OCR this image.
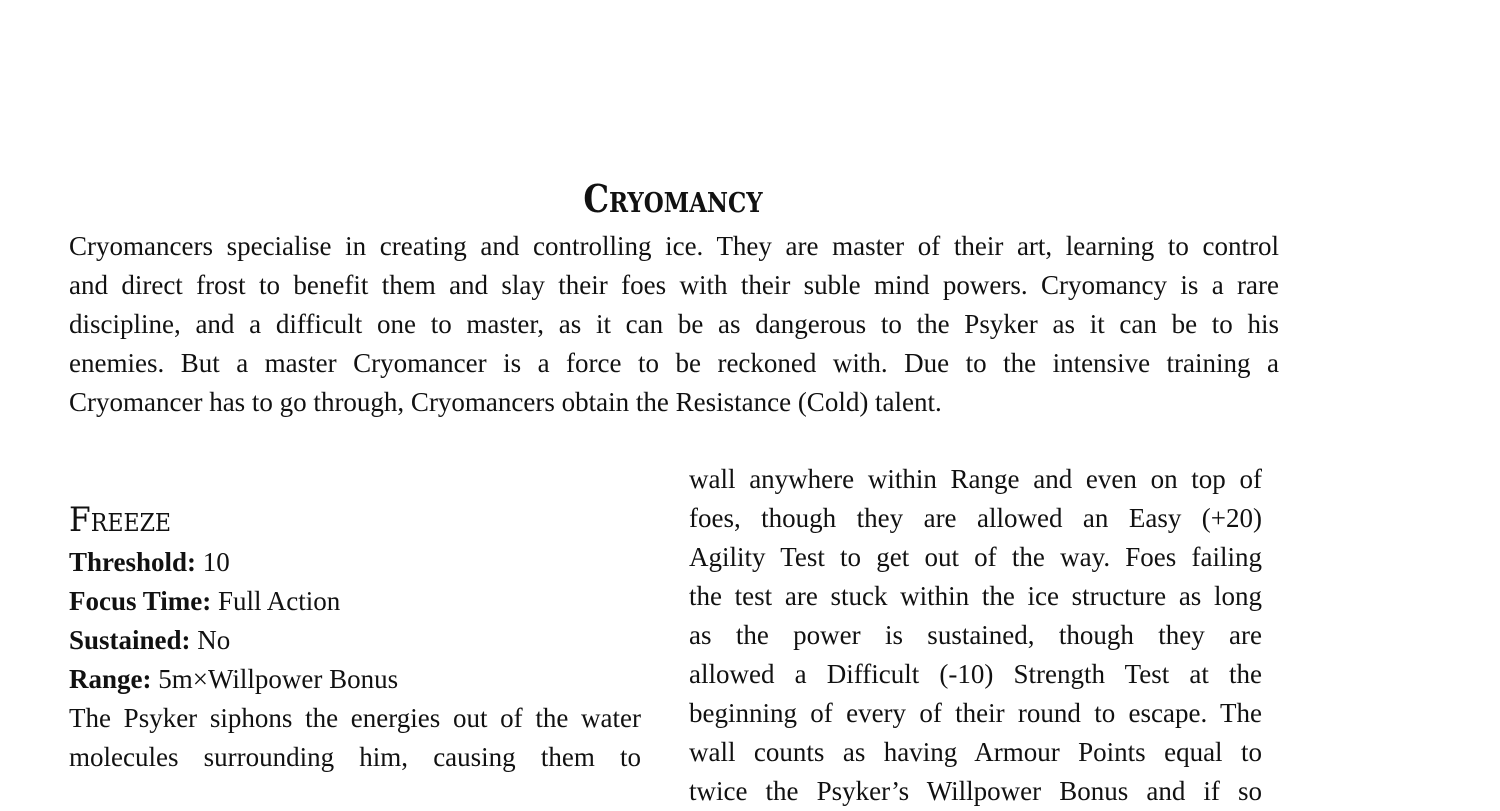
Cryomancy
Cryomancers specialise in creating and controlling ice. They are master of their art, learning to control
and direct frost to benefit them and slay their foes with their suble mind powers. Cryomancy is a rare
discipline, and a difficult one to master, as it can be as dangerous to the Psyker as it can be to his
enemies. But a master Cryomancer is a force to be reckoned with. Due to the intensive training a
Cryomancer has to go through, Cryomancers obtain the Resistance (Cold) talent.
Freeze
Threshold: 10
Focus Time: Full Action
Sustained: No
Range: 5m×Willpower Bonus
The Psyker siphons the energies out of the water
molecules surrounding him, causing them to
wall anywhere within Range and even on top of
foes, though they are allowed an Easy (+20)
Agility Test to get out of the way. Foes failing
the test are stuck within the ice structure as long
as the power is sustained, though they are
allowed a Difficult (-10) Strength Test at the
beginning of every of their round to escape. The
wall counts as having Armour Points equal to
twice the Psyker’s Willpower Bonus and if so
